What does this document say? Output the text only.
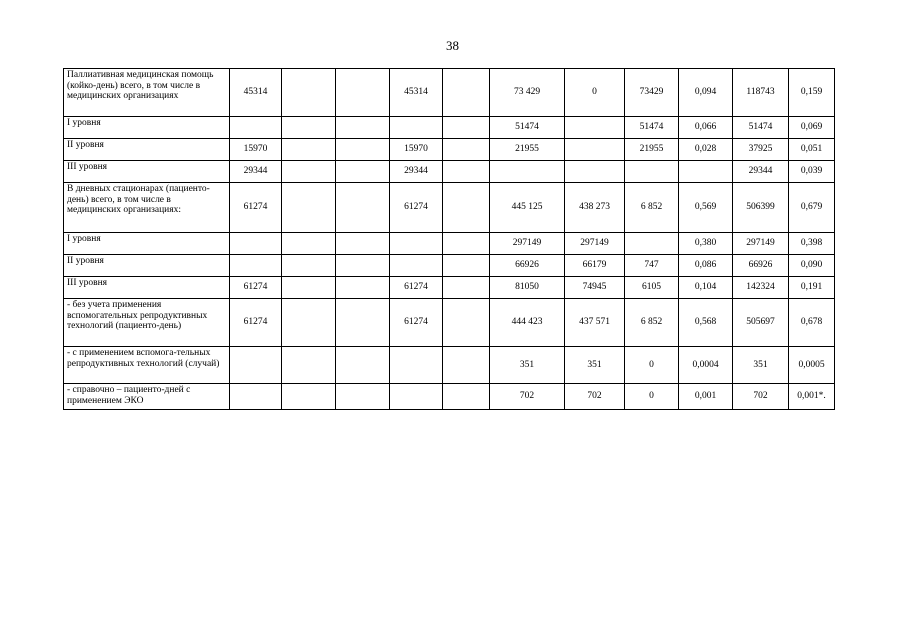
38
Паллиативная медицинская помощь (койко-день) всего, в том числе в медицинских организациях	45314			45314		73 429	0	73429	0,094	118743	0,159
I уровня						51474		51474	0,066	51474	0,069
II уровня	15970			15970		21955		21955	0,028	37925	0,051
III уровня	29344			29344						29344	0,039
В дневных стационарах (пациенто-день) всего, в том числе в медицинских организациях:	61274			61274		445 125	438 273	6 852	0,569	506399	0,679
I уровня						297149	297149		0,380	297149	0,398
II уровня						66926	66179	747	0,086	66926	0,090
III уровня	61274			61274		81050	74945	6105	0,104	142324	0,191
- без учета применения вспомогательных репродуктивных технологий (пациенто-день)	61274			61274		444 423	437 571	6 852	0,568	505697	0,678
- с применением вспомога-тельных репродуктивных технологий (случай)						351	351	0	0,0004	351	0,0005
- справочно – пациенто-дней с применением ЭКО						702	702	0	0,001	702	0,001*.
